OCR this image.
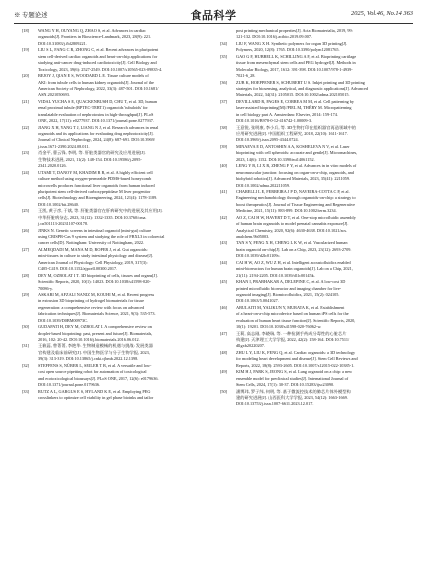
※ 专题论述	食品科学	2025, Vol.46, No.14 363
[18] WANG Y H, OUYANG Q, ZHAO S, et al. Advances in cardiac
organoids[J]. Frontiers in Bioscience-Landmark, 2023, 28(9): 221.
DOI:10.31083/j.fbl2809221.
[19] LIU S L, FANG C R, ZHONG C, et al. Recent advances in pluripotent
stem cell-derived cardiac organoids and heart-on-chip applications for
studying anti-cancer drug-induced cardiotoxicity[J]. Cell Biology and
Toxicology, 2023, 39(6): 2527-2549. DOI:10.1007/s10565-023-09835-4.
[20] BEJOY J, QIAN E S, WOODARD L E. Tissue culture models of
AKI: from tubule cells to human kidney organoids[J]. Journal of the
American Society of Nephrology, 2022, 33(3): 487-501. DOI:10.1681/
ASN.2021050693.
[21] VIDAL YUCHA S E, QUACKENBUSH D, CHU T, et al. 3D, human
renal proximal tubule (RPTEC-TERT1) organoids 'tubuloids' for
translatable evaluation of nephrotoxins in high-throughput[J]. PLoS
ONE, 2022, 17(11): e0277937. DOI:10.1371/journal.pone.0277937.
[22] JIANG X H, YANG T J, LIANG N J, et al. Research advances in renal
organoids and its applications for evaluating drug nephrotoxicity[J].
Journal of Clinical Nephrology, 2024, 24(8): 687-691. DOI:10.3969/
j.issn.1671-2390.2024.08.011.
[23] 肖金平, 曹云锋, 李明, 等. 肝脏类器官的研究及应用进展[J].
生物技术进展, 2021, 11(2): 148-154. DOI:10.19586/j.2095-
2341.2020.0126.
[24] UTAMI T, DANOY M, KHADIM R R, et al. A highly efficient cell
culture method using oxygen-permeable PDMS-based honeycomb
microwells produces functional liver organoids from human induced
pluripotent stem cell-derived carboxypeptidase M liver progenitor
cells[J]. Biotechnology and Bioengineering, 2024, 121(4): 1178-1189.
DOI:10.1002/bit.28640.
[25] 王凯, 黄子彦, 于斌, 等. 肝脏类器官在肝病研究中的进展及其应用[J].
中华肝脏病杂志, 2023, 31(12): 1332-1335. DOI:10.3760/cma.
j.cn501113-20231107-00178.
[26] JINKS N. Genetic screens in intestinal organoid (mini-gut) culture
using CRISPR-Cas 9 system and studying the role of FBXL3 in colorectal
cancer cells[D]. Nottingham: University of Nottingham, 2022.
[27] ALMEQDADI M, MANA M D, ROPER J, et al. Gut organoids:
mini-tissues in culture to study intestinal physiology and disease[J].
American Journal of Physiology: Cell Physiology, 2019, 317(3):
C405-C419. DOI:10.1152/ajpcell.00300.2017.
[28] DEY M, OZBOLAT I T. 3D bioprinting of cells, tissues and organs[J].
Scientific Reports, 2020, 10(1): 14023. DOI:10.1038/s41598-020-
70086-y.
[29] ASKARI M, AFZALI NANIZ M, KOUHI M, et al. Recent progress
in extrusion 3D bioprinting of hydrogel biomaterials for tissue
regeneration: a comprehensive review with focus on advanced
fabrication techniques[J]. Biomaterials Science, 2021, 9(3): 535-573.
DOI:10.1039/D0BM00973C.
[30] GUDAPATI H, DEY M, OZBOLAT I. A comprehensive review on
droplet-based bioprinting: past, present and future[J]. Biomaterials,
2016, 102: 20-42. DOI:10.1016/j.biomaterials.2016.06.012.
[31] 王筱蕊, 曾菁菁, 李艳华. 生物制造模械的机遇与挑战: 发展类器
官构建及临床前研究[J]. 中国生物医学与分子生物学报, 2023,
39(3): 313-319. DOI:10.13865/j.cnki.cjbmb.2022.12.1398.
[32] STEFFENS S, NÜBER L, SEILER T B, et al. A versatile and low-
cost open source pipetting robot for automation of toxicological
and ecotoxicological bioassays[J]. PLoS ONE, 2017, 12(6): e0179636.
DOI:10.1371/journal.pone.0179636.
[33] RUTZ A L, GARGUS E S, HYLAND K E, et al. Employing PEG
crosslinkers to optimize cell viability in gel phase bioinks and tailor
post printing mechanical properties[J]. Acta Biomaterialia, 2019, 99:
121-132. DOI:10.1016/j.actbio.2019.09.007.
[34] LIU F, WANG X H. Synthetic polymers for organ 3D printing[J].
Polymers, 2020, 12(8): 1765. DOI:10.3390/polym12081765.
[35] GAO G F, HUBBELL K, SCHILLING A F, et al. Bioprinting cartilage
tissue from mesenchymal stem cells and PEG hydrogel[J]. Methods in
Molecular Biology, 2017, 1612: 391-398. DOI:10.1007/978-1-4939-
7021-6_28.
[36] ZUB K, HOEPPENER S, SCHUBERT U S. Inkjet printing and 3D printing
strategies for biosensing, analytical, and diagnostic applications[J]. Advanced
Materials, 2022, 34(31): 2105015. DOI:10.1002/adma.202105015.
[37] DEVILLARD R, PAGES E, CORREA M M, et al. Cell patterning by
laser-assisted bioprinting[M]//PIEL M, THÉRY M. Micropatterning
in cell biology part A. Amsterdam: Elsevier, 2014: 159-174.
DOI:10.1016/B978-0-12-416742-1.00009-3.
[38] 王意锐, 张明康, 李小兵, 等. 3D生物打印在组织器官再造领域中的
应用研究进展[J]. 中国组织工程研究, 2018, 22(10): 1611-1617.
DOI:10.3969/j.issn.2095-4344.0724.
[39] MINAEVA E D, ANTOSHIN A A, KOSHELEVA N V, et al. Laser
bioprinting with cell spheroids: accurate and gentle[J]. Micromachines,
2023, 14(6): 1152. DOI:10.3390/mi14061152.
[40] LENG Y B, LI X R, ZHENG F Y, et al. Advances in in vitro models of
neuromuscular junction: focusing on organ-on-a-chip, organoids, and
biohybrid robotics[J]. Advanced Materials, 2023, 35(41): 2211059.
DOI:10.1002/adma.202211059.
[41] CHARELLI L E, FERREIRA J P D, NAVEIRA-COTTA C P, et al.
Engineering mechanobiology through organoids-on-chip: a strategy to
boost therapeutics[J]. Journal of Tissue Engineering and Regenerative
Medicine, 2021, 15(11): 883-899. DOI:10.1002/term.3234.
[42] AO Z, CAI H W, HAVERT D T, et al. One-stop microfluidic assembly
of human brain organoids to model prenatal cannabis exposure[J].
Analytical Chemistry, 2020, 92(6): 4630-4638. DOI:10.1021/acs.
analchem.9b05003.
[43] TAN S Y, FENG X H, CHENG L K W, et al. Vascularized human
brain organoid on-chip[J]. Lab on a Chip, 2023, 23(12): 2693-2709.
DOI:10.1039/d2lc01109c.
[44] CAI H W, AO Z, WU Z H, et al. Intelligent acoustofluidics enabled
mini-bioreactors for human brain organoids[J]. Lab on a Chip, 2021,
21(11): 2194-2205. DOI:10.1039/d1lc00145k.
[45] KHAN I, PRABHAKAR A, DELEPINE C, et al. A low-cost 3D
printed microfluidic bioreactor and imaging chamber for live-
organoid imaging[J]. Biomicrofluidics, 2021, 15(2): 024105.
DOI:10.1063/5.0041027.
[46] ABULAITI M, YALIKUN Y, MURATA K, et al. Establishment
of a heart-on-a-chip microdevice based on human iPS cells for the
evaluation of human heart tissue function[J]. Scientific Reports, 2020,
10(1): 19201. DOI:10.1038/s41598-020-76062-w.
[47] 王莉, 高志刚, 李晓瑞, 等. 一种检测手药成分毒性的心脏芯片
构建[J]. 天津理工大学学报, 2022, 42(2): 158-164. DOI:10.7511/
dllgxb20220207.
[48] ZHU L Y, LIU K, FENG Q, et al. Cardiac organoids: a 3D technology
for modeling heart development and disease[J]. Stem Cell Reviews and
Reports, 2022, 18(8): 2593-2605. DOI:10.1007/s12015-022-10385-1.
[49] KIM H J, PARK S, JEONG S, et al. Lung organoid on a chip: a new
ensemble model for preclinical studies[J]. International Journal of
Stem Cells, 2024, 17(1): 30-37. DOI:10.15283/ijsc23090.
[50] 潘博玮, 罗子纬, 何明, 等. 基于微流控技术的肺芯片体外模型构
建的研究进展[J]. 山西医科大学学报, 2023, 54(12): 1663-1669.
DOI:10.13753/j.issn.1007-6611.2023.12.017.
